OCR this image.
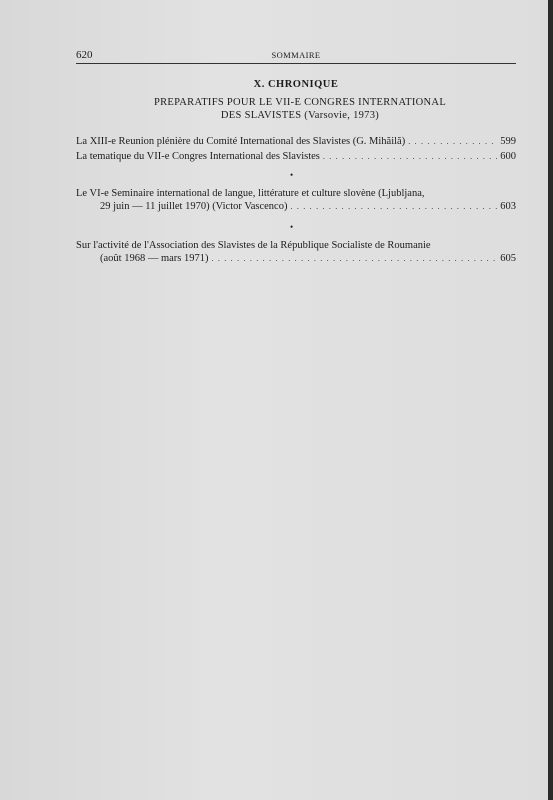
620	SOMMAIRE
X. CHRONIQUE
PREPARATIFS POUR LE VII-E CONGRES INTERNATIONAL
DES SLAVISTES (Varsovie, 1973)
La XIII-e Reunion plénière du Comité International des Slavistes (G. Mihăilă) . . .	599
La tematique du VII-e Congres International des Slavistes . . .	600
•
Le VI-e Seminaire international de langue, littérature et culture slovène (Ljubljana,
29 juin — 11 juillet 1970) (Victor Vascenco) . . .	603
•
Sur l'activité de l'Association des Slavistes de la République Socialiste de Roumanie
(août 1968 — mars 1971) . . .	605
